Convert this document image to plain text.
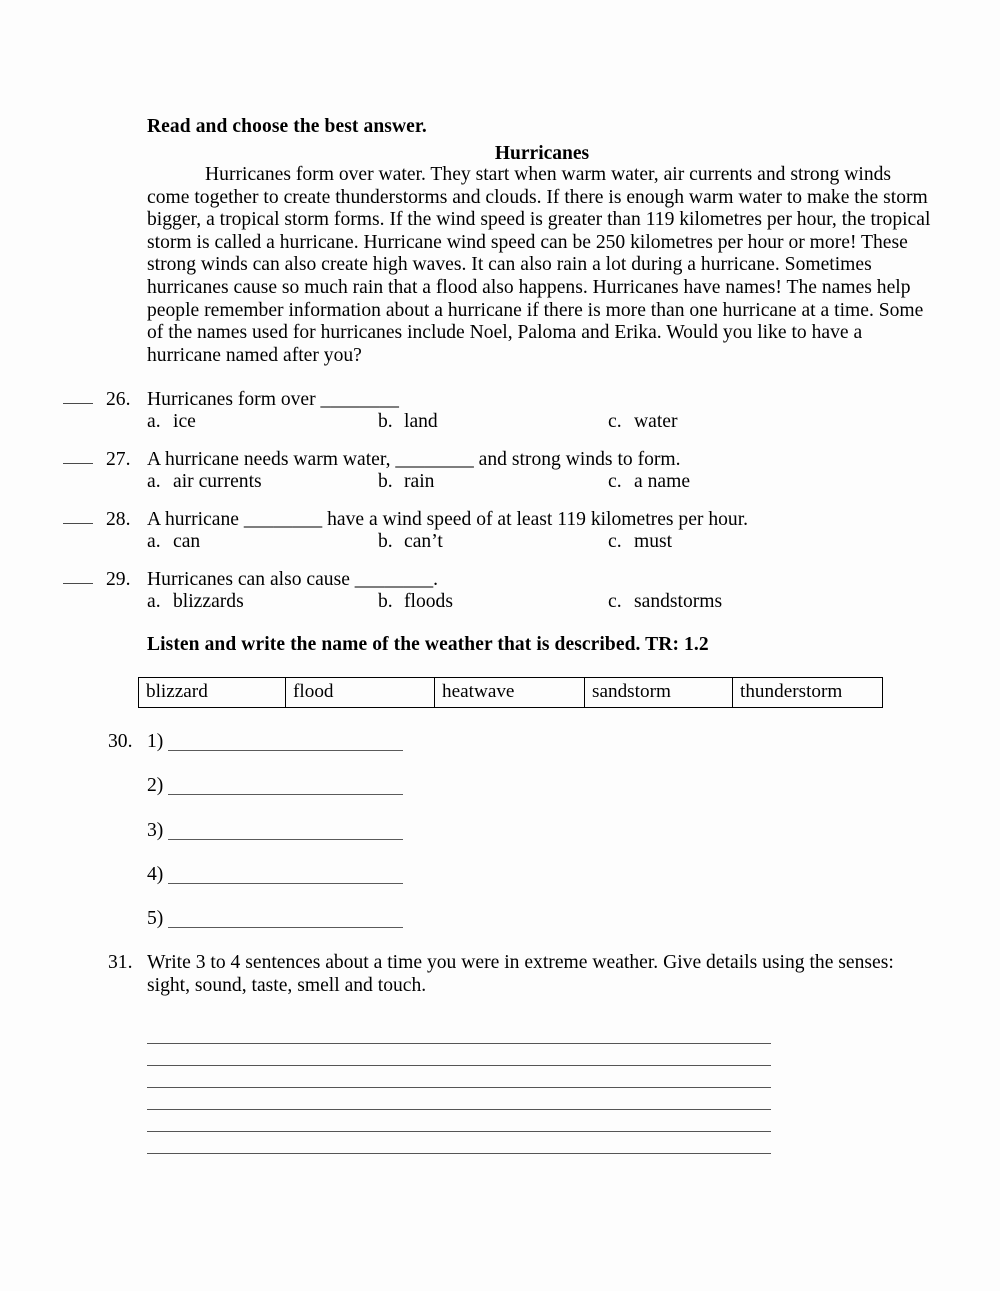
Read and choose the best answer.
Hurricanes
Hurricanes form over water. They start when warm water, air currents and strong winds come together to create thunderstorms and clouds. If there is enough warm water to make the storm bigger, a tropical storm forms. If the wind speed is greater than 119 kilometres per hour, the tropical storm is called a hurricane. Hurricane wind speed can be 250 kilometres per hour or more! These strong winds can also create high waves. It can also rain a lot during a hurricane. Sometimes hurricanes cause so much rain that a flood also happens. Hurricanes have names! The names help people remember information about a hurricane if there is more than one hurricane at a time. Some of the names used for hurricanes include Noel, Paloma and Erika. Would you like to have a hurricane named after you?
26. Hurricanes form over ________
a. ice	b. land	c. water
27. A hurricane needs warm water, ________ and strong winds to form.
a. air currents	b. rain	c. a name
28. A hurricane ________ have a wind speed of at least 119 kilometres per hour.
a. can	b. can’t	c. must
29. Hurricanes can also cause ________.
a. blizzards	b. floods	c. sandstorms
Listen and write the name of the weather that is described. TR: 1.2
blizzard	flood	heatwave	sandstorm	thunderstorm
30. 1)
2)
3)
4)
5)
31. Write 3 to 4 sentences about a time you were in extreme weather. Give details using the senses: sight, sound, taste, smell and touch.
